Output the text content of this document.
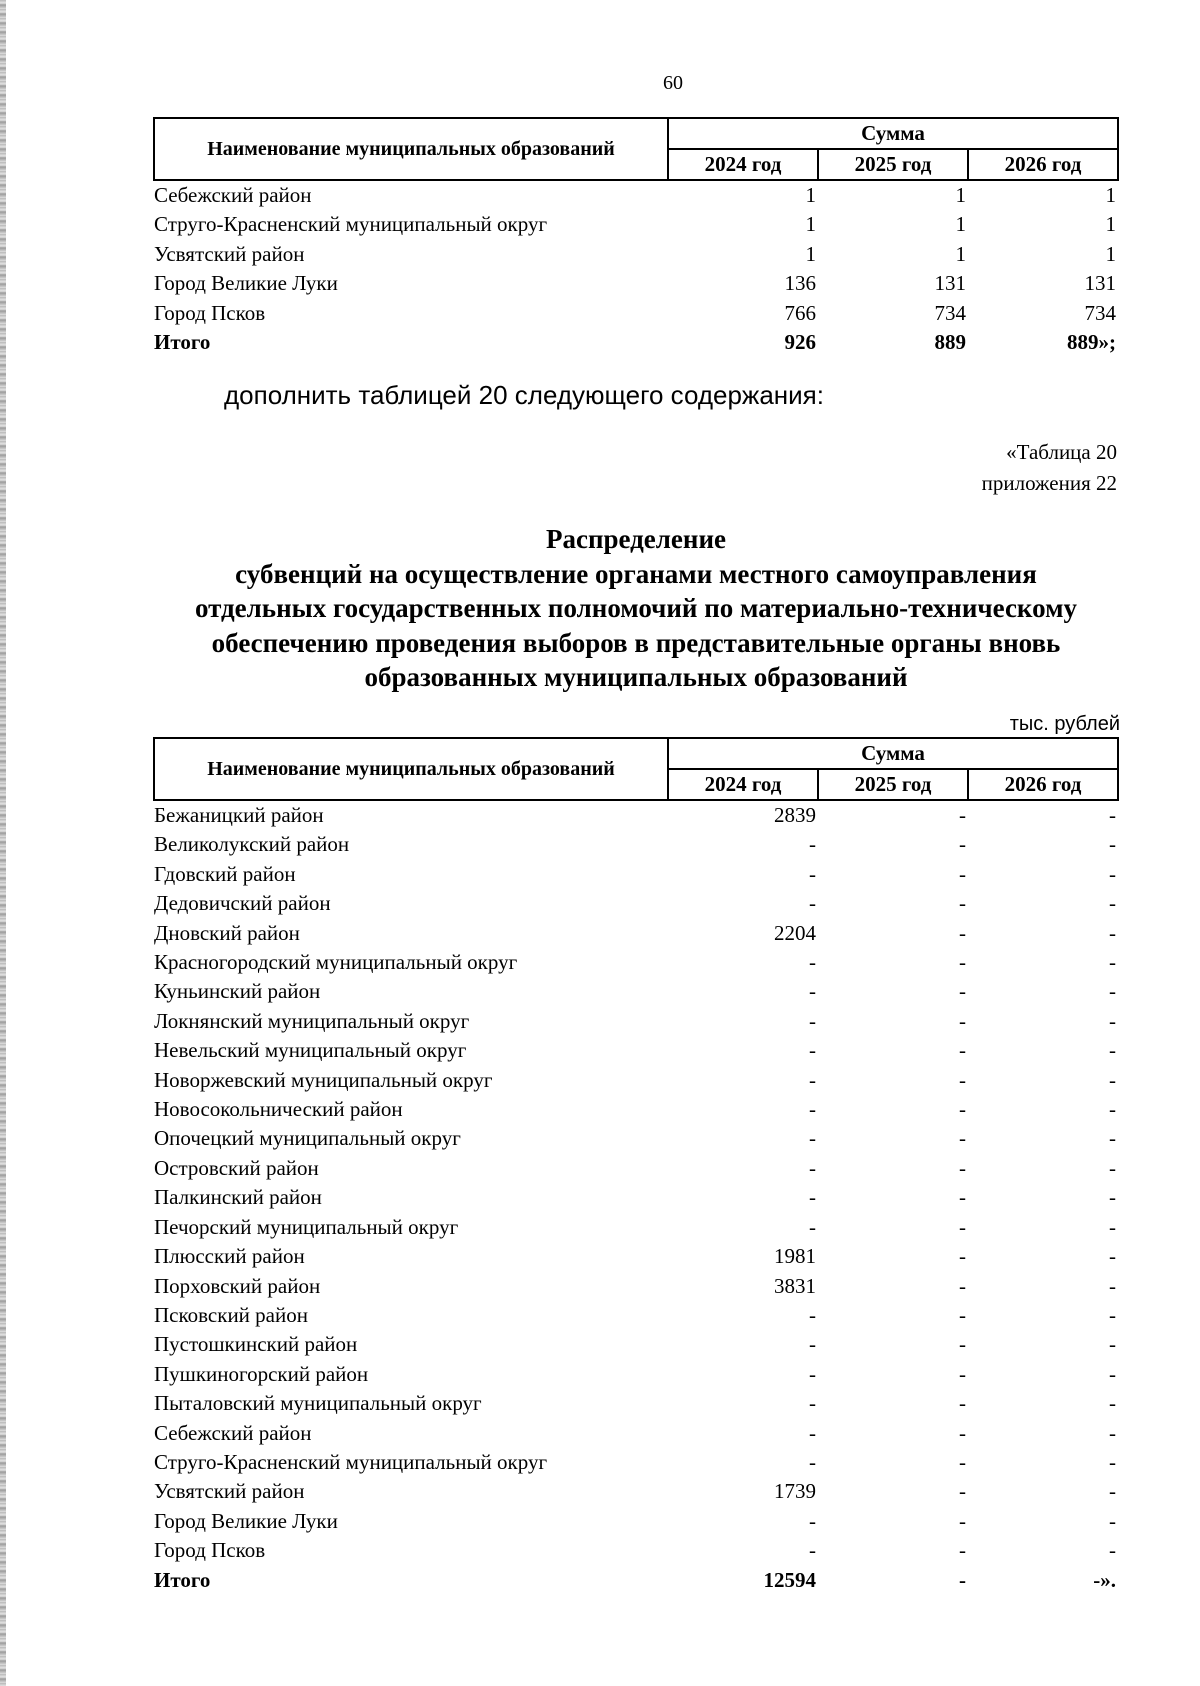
60
Наименование муниципальных образований	Сумма		
	2024 год	2025 год	2026 год
Себежский район	1	1	1
Струго-Красненский муниципальный округ	1	1	1
Усвятский район	1	1	1
Город Великие Луки	136	131	131
Город Псков	766	734	734
Итого	926	889	889»;
дополнить таблицей 20 следующего содержания:
«Таблица 20
приложения 22
Распределение
субвенций на осуществление органами местного самоуправления
отдельных государственных полномочий по материально-техническому
обеспечению проведения выборов в представительные органы вновь
образованных муниципальных образований
тыс. рублей
Наименование муниципальных образований	Сумма		
	2024 год	2025 год	2026 год
Бежаницкий район	2839	-	-
Великолукский район	-	-	-
Гдовский район	-	-	-
Дедовичский район	-	-	-
Дновский район	2204	-	-
Красногородский муниципальный округ	-	-	-
Куньинский район	-	-	-
Локнянский муниципальный округ	-	-	-
Невельский муниципальный округ	-	-	-
Новоржевский муниципальный округ	-	-	-
Новосокольнический район	-	-	-
Опочецкий муниципальный округ	-	-	-
Островский район	-	-	-
Палкинский район	-	-	-
Печорский муниципальный округ	-	-	-
Плюсский район	1981	-	-
Порховский район	3831	-	-
Псковский район	-	-	-
Пустошкинский район	-	-	-
Пушкиногорский район	-	-	-
Пыталовский муниципальный округ	-	-	-
Себежский район	-	-	-
Струго-Красненский муниципальный округ	-	-	-
Усвятский район	1739	-	-
Город Великие Луки	-	-	-
Город Псков	-	-	-
Итого	12594	-	-».
